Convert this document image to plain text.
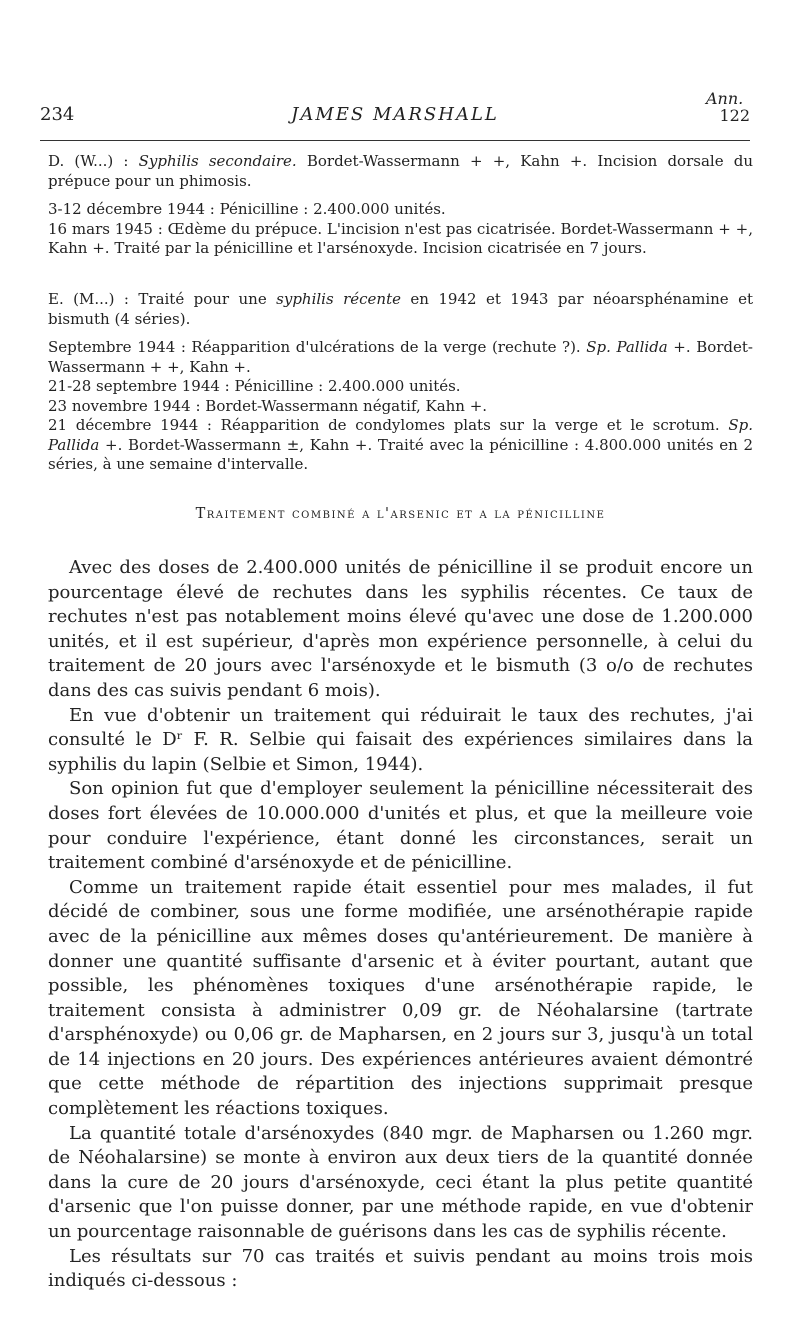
Ann.
234	JAMES MARSHALL	122

D. (W...) : Syphilis secondaire. Bordet-Wassermann + +, Kahn +. Incision dorsale du prépuce pour un phimosis.

3-12 décembre 1944 : Pénicilline : 2.400.000 unités.

16 mars 1945 : Œdème du prépuce. L'incision n'est pas cicatrisée. Bordet-Wassermann + +, Kahn +. Traité par la pénicilline et l'arsénoxyde. Incision cicatrisée en 7 jours.

E. (M...) : Traité pour une syphilis récente en 1942 et 1943 par néoarsphénamine et bismuth (4 séries).

Septembre 1944 : Réapparition d'ulcérations de la verge (rechute ?). Sp. Pallida +. Bordet-Wassermann + +, Kahn +.

21-28 septembre 1944 : Pénicilline : 2.400.000 unités.

23 novembre 1944 : Bordet-Wassermann négatif, Kahn +.

21 décembre 1944 : Réapparition de condylomes plats sur la verge et le scrotum. Sp. Pallida +. Bordet-Wassermann ±, Kahn +. Traité avec la pénicilline : 4.800.000 unités en 2 séries, à une semaine d'intervalle.

Traitement combiné a l'arsenic et a la pénicilline

Avec des doses de 2.400.000 unités de pénicilline il se produit encore un pourcentage élevé de rechutes dans les syphilis récentes. Ce taux de rechutes n'est pas notablement moins élevé qu'avec une dose de 1.200.000 unités, et il est supérieur, d'après mon expérience personnelle, à celui du traitement de 20 jours avec l'arsénoxyde et le bismuth (3 o/o de rechutes dans des cas suivis pendant 6 mois).

En vue d'obtenir un traitement qui réduirait le taux des rechutes, j'ai consulté le Dʳ F. R. Selbie qui faisait des expériences similaires dans la syphilis du lapin (Selbie et Simon, 1944).

Son opinion fut que d'employer seulement la pénicilline nécessiterait des doses fort élevées de 10.000.000 d'unités et plus, et que la meilleure voie pour conduire l'expérience, étant donné les circonstances, serait un traitement combiné d'arsénoxyde et de pénicilline.

Comme un traitement rapide était essentiel pour mes malades, il fut décidé de combiner, sous une forme modifiée, une arsénothérapie rapide avec de la pénicilline aux mêmes doses qu'antérieurement. De manière à donner une quantité suffisante d'arsenic et à éviter pourtant, autant que possible, les phénomènes toxiques d'une arsénothérapie rapide, le traitement consista à administrer 0,09 gr. de Néohalarsine (tartrate d'arsphénoxyde) ou 0,06 gr. de Mapharsen, en 2 jours sur 3, jusqu'à un total de 14 injections en 20 jours. Des expériences antérieures avaient démontré que cette méthode de répartition des injections supprimait presque complètement les réactions toxiques.

La quantité totale d'arsénoxydes (840 mgr. de Mapharsen ou 1.260 mgr. de Néohalarsine) se monte à environ aux deux tiers de la quantité donnée dans la cure de 20 jours d'arsénoxyde, ceci étant la plus petite quantité d'arsenic que l'on puisse donner, par une méthode rapide, en vue d'obtenir un pourcentage raisonnable de guérisons dans les cas de syphilis récente.

Les résultats sur 70 cas traités et suivis pendant au moins trois mois indiqués ci-dessous :
